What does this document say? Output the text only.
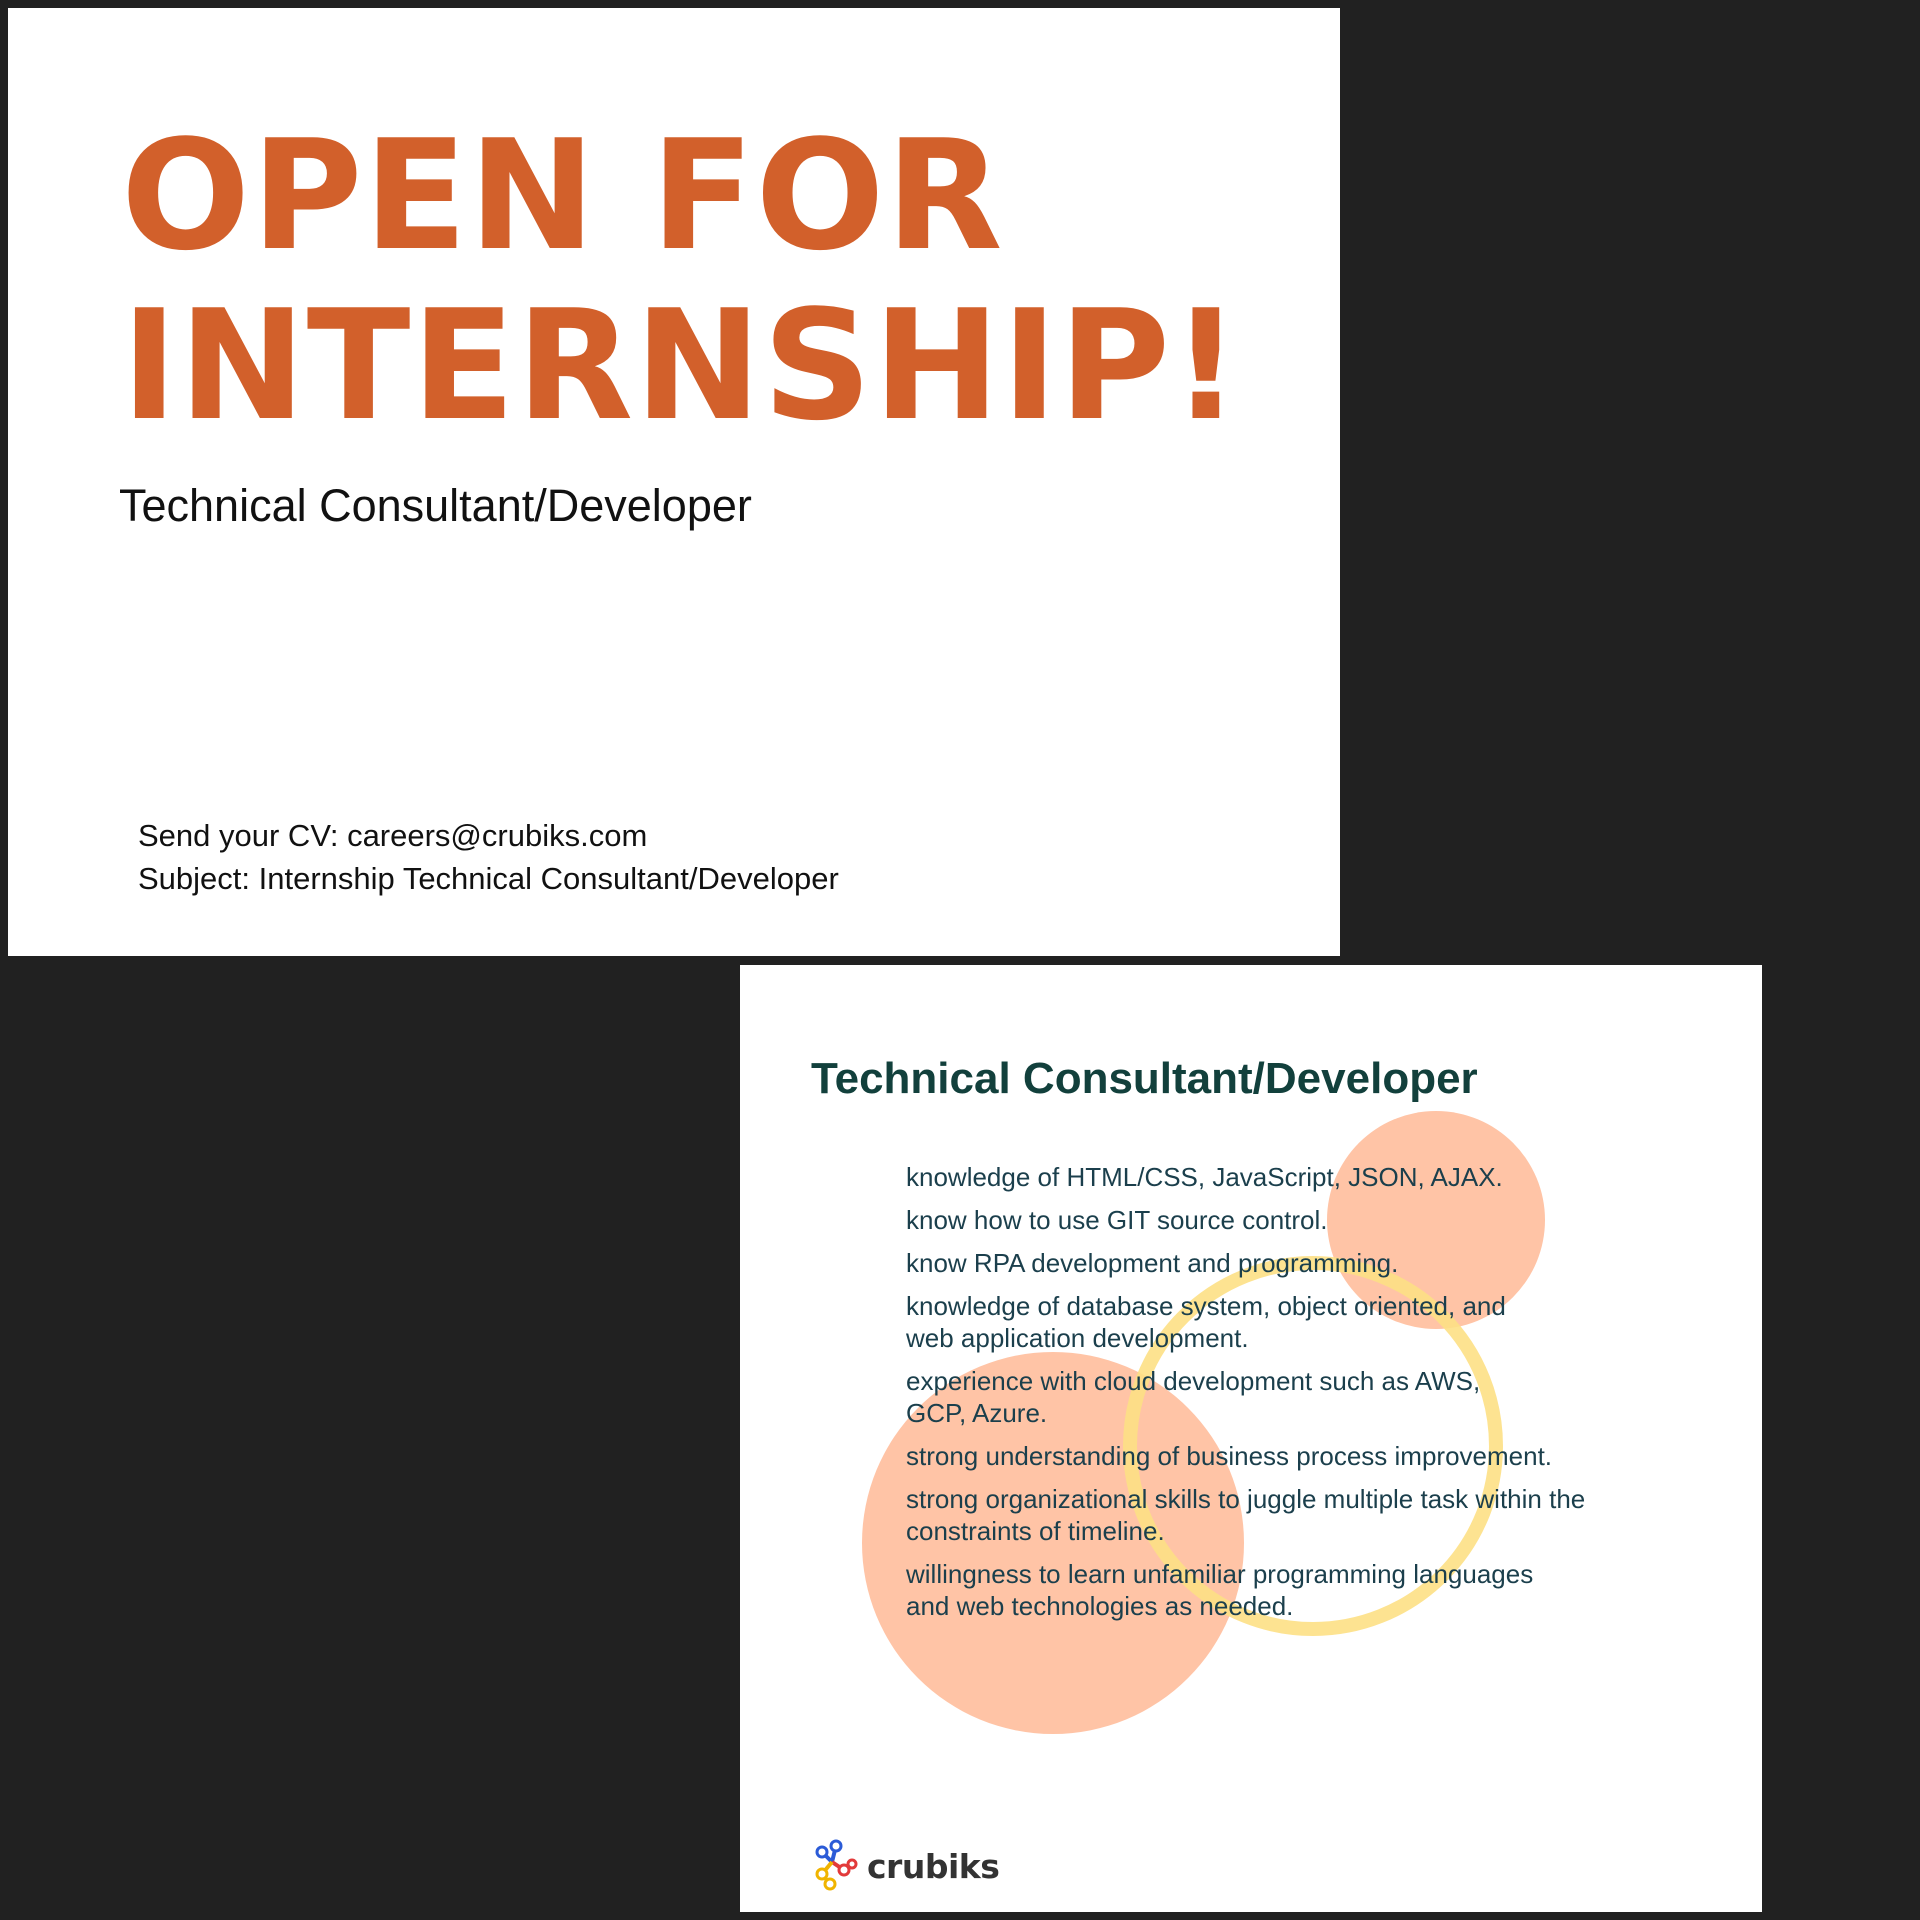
OPEN FOR
INTERNSHIP!
Technical Consultant/Developer
Send your CV: careers@crubiks.com
Subject: Internship Technical Consultant/Developer
Technical Consultant/Developer
knowledge of HTML/CSS, JavaScript, JSON, AJAX.
know how to use GIT source control.
know RPA development and programming.
knowledge of database system, object oriented, and web application development.
experience with cloud development such as AWS, GCP, Azure.
strong understanding of business process improvement.
strong organizational skills to juggle multiple task within the constraints of timeline.
willingness to learn unfamiliar programming languages and web technologies as needed.
crubiks
